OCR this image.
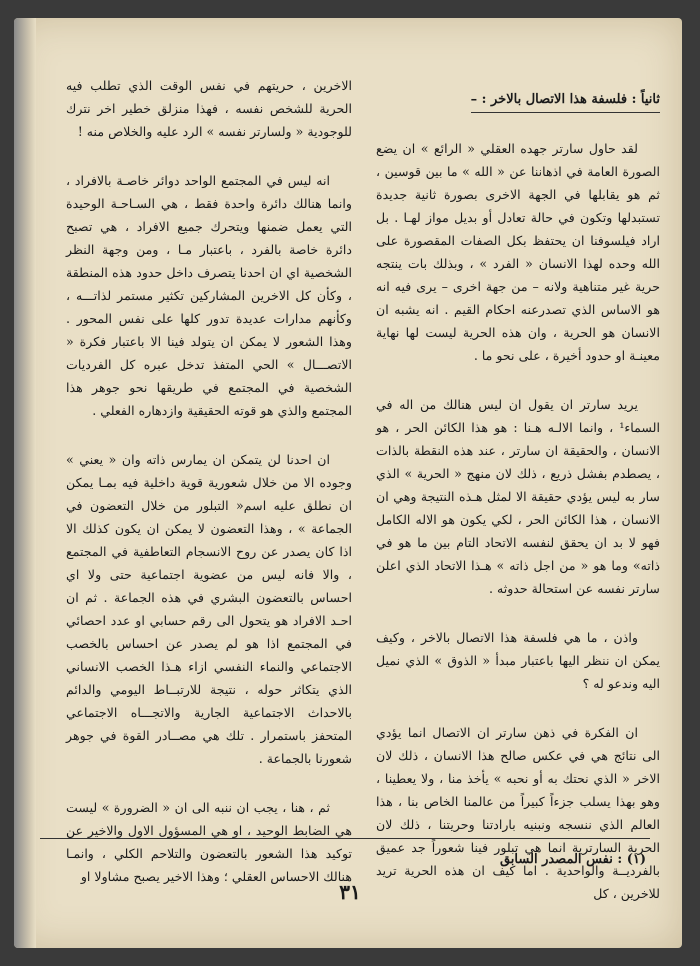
ثانياً : فلسفة هذا الاتصال بالاخر : –

لقد حاول سارتر جهده العقلي « الرائع » ان يضع الصورة العامة في اذهاننا عن « الله » ما بين قوسين ، ثم هو يقابلها في الجهة الاخرى بصورة ثانية جديدة تستبدلها وتكون في حالة تعادل أو بديل مواز لهـا . بل اراد فيلسوفنا ان يحتفظ بكل الصفات المقصورة على الله وحده لهذا الانسان « الفرد » ، وبذلك بات ينتجه حرية غير متناهية ولانه – من جهة اخرى – يرى فيه انه هو الاساس الذي تصدرعنه احكام القيم . انه يشبه ان الانسان هو الحرية ، وان هذه الحرية ليست لها نهاية معينـة او حدود أخيرة ، على نحو ما .

يريد سارتر ان يقول ان ليس هنالك من اله في السماء¹ ، وانما الالـه هـنا : هو هذا الكائن الحر ، هو الانسان ، والحقيقة ان سارتر ، عند هذه النقطة بالذات ، يصطدم بفشل ذريع ، ذلك لان منهج « الحرية » الذي سار به ليس يؤدي حقيقة الا لمثل هـذه النتيجة وهي ان الانسان ، هذا الكائن الحر ، لكي يكون هو الاله الكامل فهو لا بد ان يحقق لنفسه الاتحاد التام بين ما هو في ذاته» وما هو « من اجل ذاته » هـذا الاتحاد الذي اعلن سارتر نفسه عن استحالة حدوثه .

واذن ، ما هي فلسفة هذا الاتصال بالاخر ، وكيف يمكن ان ننظر اليها باعتبار مبدأ « الذوق » الذي نميل اليه وندعو له ؟

ان الفكرة في ذهن سارتر ان الاتصال انما يؤدي الى نتائج هي في عكس صالح هذا الانسان ، ذلك لان الاخر « الذي نحتك به أو نحبه » يأخذ منا ، ولا يعطينا ، وهو بهذا يسلب جزءاً كبيراً من عالمنا الخاص بنا ، هذا العالم الذي ننسجه ونبنيه بارادتنا وحريتنا ، ذلك لان الحرية السارترية انما هي تبلور فينا شعوراً جد عميق بالفرديــة والواحدية . اما كيف ان هذه الحرية تريد للاخرين ، كل

الاخرين ، حريتهم في نفس الوقت الذي تطلب فيه الحرية للشخص نفسه ، فهذا منزلق خطير اخر نترك للوجودية « ولسارتر نفسه » الرد عليه والخلاص منه !

انه ليس في المجتمع الواحد دوائر خاصـة بالافراد ، وانما هنالك دائرة واحدة فقط ، هي السـاحـة الوحيدة التي يعمل ضمنها ويتحرك جميع الافراد ، هي تصبح دائرة خاصة بالفرد ، باعتبار مـا ، ومن وجهة النظر الشخصية اي ان احدنا يتصرف داخل حدود هذه المنطقة ، وكأن كل الاخرين المشاركين تكثير مستمر لذاتـــه ، وكأنهم مدارات عديدة تدور كلها على نفس المحور . وهذا الشعور لا يمكن ان يتولد فينا الا باعتبار فكرة « الاتصـــال » الحي المتفذ تدخل عبره كل الفرديات الشخصية في المجتمع في طريقها نحو جوهر هذا المجتمع والذي هو قوته الحقيقية وازدهاره الفعلي .

ان احدنا لن يتمكن ان يمارس ذاته وان « يعني » وجوده الا من خلال شعورية قوية داخلية فيه بمـا يمكن ان نطلق عليه اسم« التبلور من خلال التعضون في الجماعة » ، وهذا التعضون لا يمكن ان يكون كذلك الا اذا كان يصدر عن روح الانسجام التعاطفية في المجتمع ، والا فانه ليس من عضوية اجتماعية حتى ولا اي احساس بالتعضون البشري في هذه الجماعة . ثم ان احـد الافراد هو يتحول الى رقم حسابي او عدد احصائي في المجتمع اذا هو لم يصدر عن احساس بالخصب الاجتماعي والنماء النفسي ازاء هـذا الخصب الانساني الذي يتكاثر حوله ، نتيجة للارتبــاط اليومي والدائم بالاحداث الاجتماعية الجارية والاتجـــاه الاجتماعي المتحفز باستمرار . تلك هي مصــادر القوة في جوهر شعورنا بالجماعة .

ثم ، هنا ، يجب ان ننبه الى ان « الضرورة » ليست هي الضابط الوحيد ، او هي المسؤول الاول والاخير عن توكيد هذا الشعور بالتعضون والتلاحم الكلي ، وانمـا هنالك الاحساس العقلي ؛ وهذا الاخير يصبح مشاولا او

(١) : نفس المصدر السابق
٣١
